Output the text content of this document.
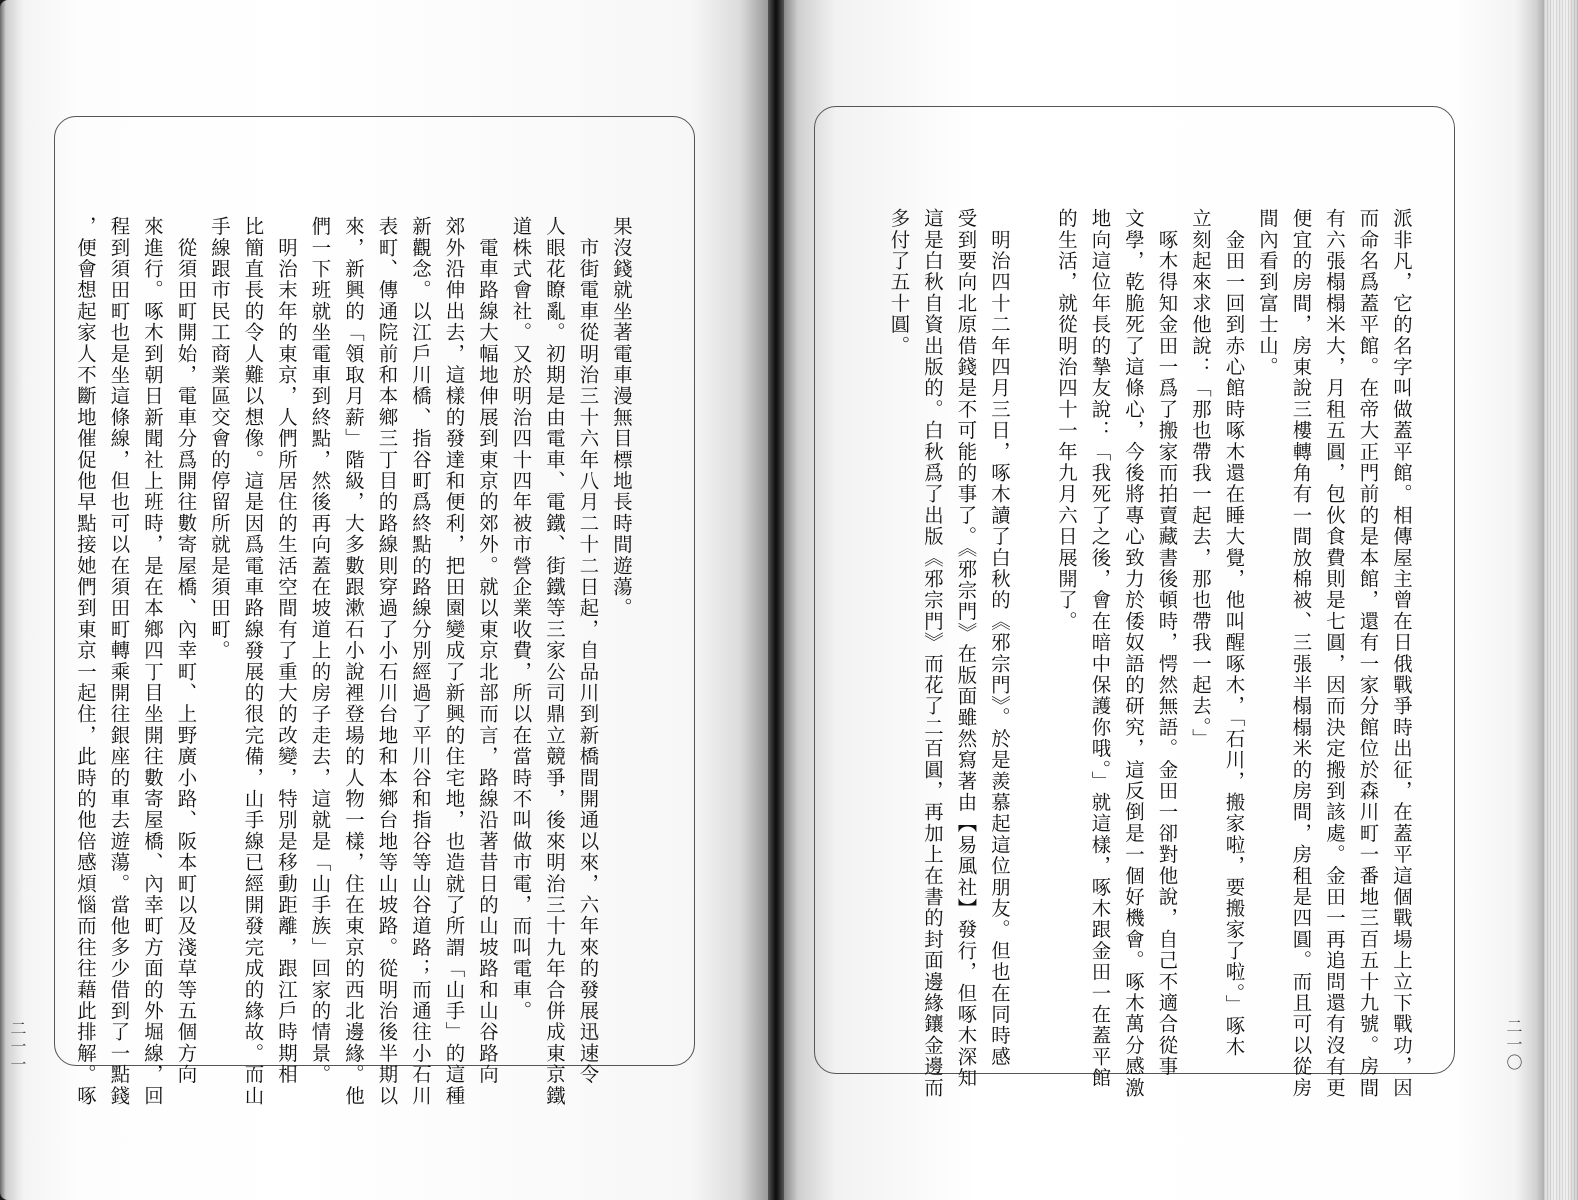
果沒錢就坐著電車漫無目標地長時間遊蕩。
　市街電車從明治三十六年八月二十二日起，自品川到新橋間開通以來，六年來的發展迅速令
人眼花瞭亂。初期是由電車、電鐵、街鐵等三家公司鼎立競爭，後來明治三十九年合併成東京鐵
道株式會社。又於明治四十四年被市營企業收費，所以在當時不叫做市電，而叫電車。
　電車路線大幅地伸展到東京的郊外。就以東京北部而言，路線沿著昔日的山坡路和山谷路向
郊外沿伸出去，這樣的發達和便利，把田園變成了新興的住宅地，也造就了所謂「山手」的這種
新觀念。以江戶川橋、指谷町爲終點的路線分別經過了平川谷和指谷等山谷道路；而通往小石川
表町、傳通院前和本鄉三丁目的路線則穿過了小石川台地和本鄉台地等山坡路。從明治後半期以
來，新興的「領取月薪」階級，大多數跟漱石小說裡登場的人物一樣，住在東京的西北邊緣。他
們一下班就坐電車到終點，然後再向蓋在坡道上的房子走去，這就是「山手族」回家的情景。
　明治末年的東京，人們所居住的生活空間有了重大的改變，特別是移動距離，跟江戶時期相
比簡直長的令人難以想像。這是因爲電車路線發展的很完備，山手線已經開發完成的緣故。而山
手線跟市民工商業區交會的停留所就是須田町。
　從須田町開始，電車分爲開往數寄屋橋、內幸町、上野廣小路、阪本町以及淺草等五個方向
來進行。啄木到朝日新聞社上班時，是在本鄉四丁目坐開往數寄屋橋、內幸町方面的外堀線，回
程到須田町也是坐這條線，但也可以在須田町轉乘開往銀座的車去遊蕩。當他多少借到了一點錢
，便會想起家人不斷地催促他早點接她們到東京一起住，此時的他倍感煩惱而往往藉此排解。啄
二一一	派非凡，它的名字叫做蓋平館。相傳屋主曾在日俄戰爭時出征，在蓋平這個戰場上立下戰功，因
而命名爲蓋平館。在帝大正門前的是本館，還有一家分館位於森川町一番地三百五十九號。房間
有六張榻榻米大，月租五圓，包伙食費則是七圓，因而決定搬到該處。金田一再追問還有沒有更
便宜的房間，房東說三樓轉角有一間放棉被、三張半榻榻米的房間，房租是四圓。而且可以從房
間內看到富士山。
　金田一回到赤心館時啄木還在睡大覺，他叫醒啄木，「石川，搬家啦，要搬家了啦。」啄木
立刻起來求他說：「那也帶我一起去，那也帶我一起去。」
　啄木得知金田一爲了搬家而拍賣藏書後頓時，愕然無語。金田一卻對他說，自己不適合從事
文學，乾脆死了這條心，今後將專心致力於倭奴語的研究，這反倒是一個好機會。啄木萬分感激
地向這位年長的摯友說：「我死了之後，會在暗中保護你哦。」就這樣，啄木跟金田一在蓋平館
的生活，就從明治四十一年九月六日展開了。
　明治四十二年四月三日，啄木讀了白秋的《邪宗門》。於是羨慕起這位朋友。但也在同時感
受到要向北原借錢是不可能的事了。《邪宗門》在版面雖然寫著由【易風社】發行，但啄木深知
這是白秋自資出版的。白秋爲了出版《邪宗門》而花了二百圓，再加上在書的封面邊緣鑲金邊而
多付了五十圓。
二一〇
